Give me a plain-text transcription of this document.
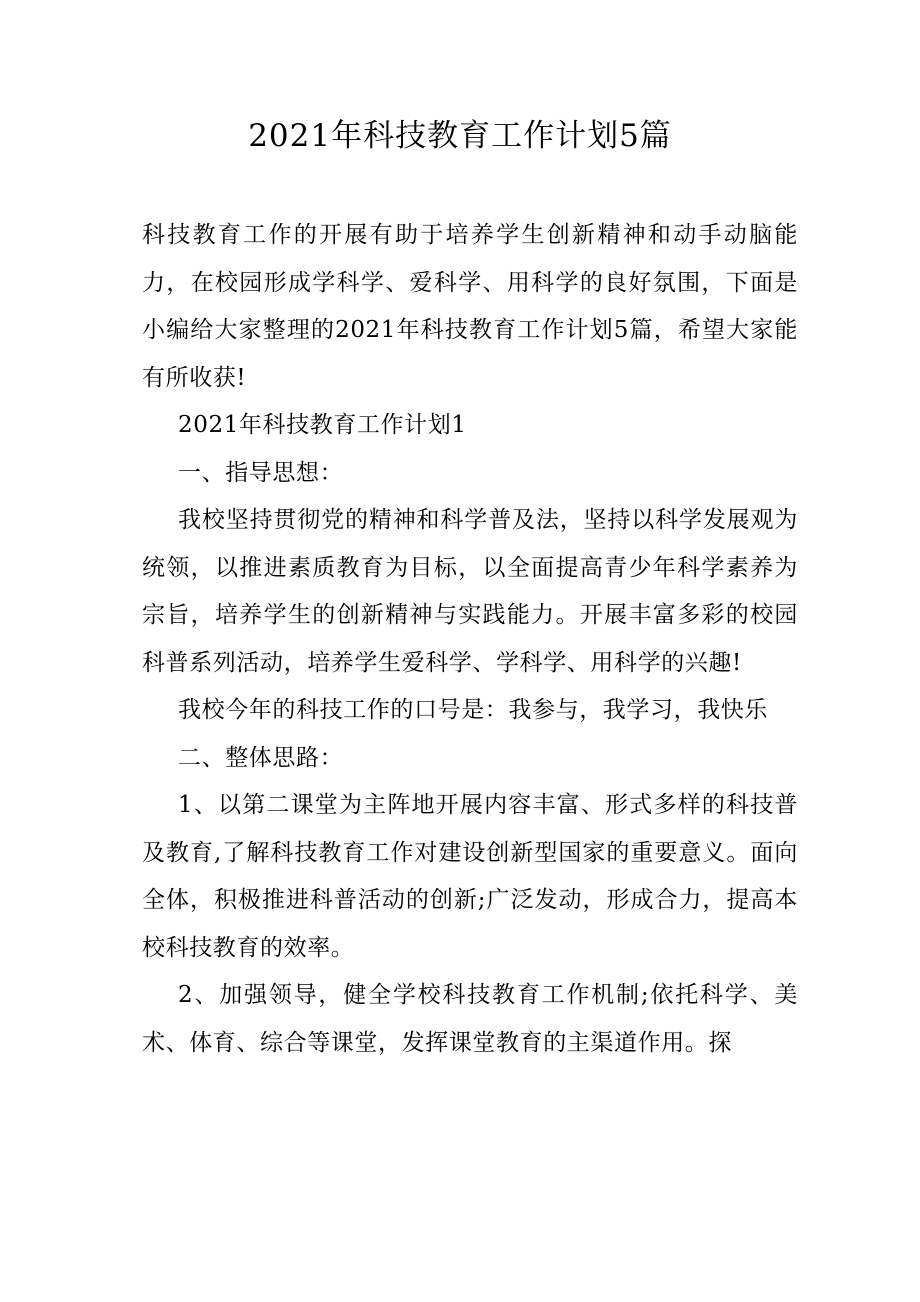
2021年科技教育工作计划5篇

科技教育工作的开展有助于培养学生创新精神和动手动脑能力，在校园形成学科学、爱科学、用科学的良好氛围，下面是小编给大家整理的2021年科技教育工作计划5篇，希望大家能有所收获!

2021年科技教育工作计划1

一、指导思想：

我校坚持贯彻党的精神和科学普及法，坚持以科学发展观为统领，以推进素质教育为目标，以全面提高青少年科学素养为宗旨，培养学生的创新精神与实践能力。开展丰富多彩的校园科普系列活动，培养学生爱科学、学科学、用科学的兴趣!

我校今年的科技工作的口号是：我参与，我学习，我快乐

二、整体思路：

1、以第二课堂为主阵地开展内容丰富、形式多样的科技普及教育,了解科技教育工作对建设创新型国家的重要意义。面向全体，积极推进科普活动的创新;广泛发动，形成合力，提高本校科技教育的效率。

2、加强领导，健全学校科技教育工作机制;依托科学、美术、体育、综合等课堂，发挥课堂教育的主渠道作用。探
